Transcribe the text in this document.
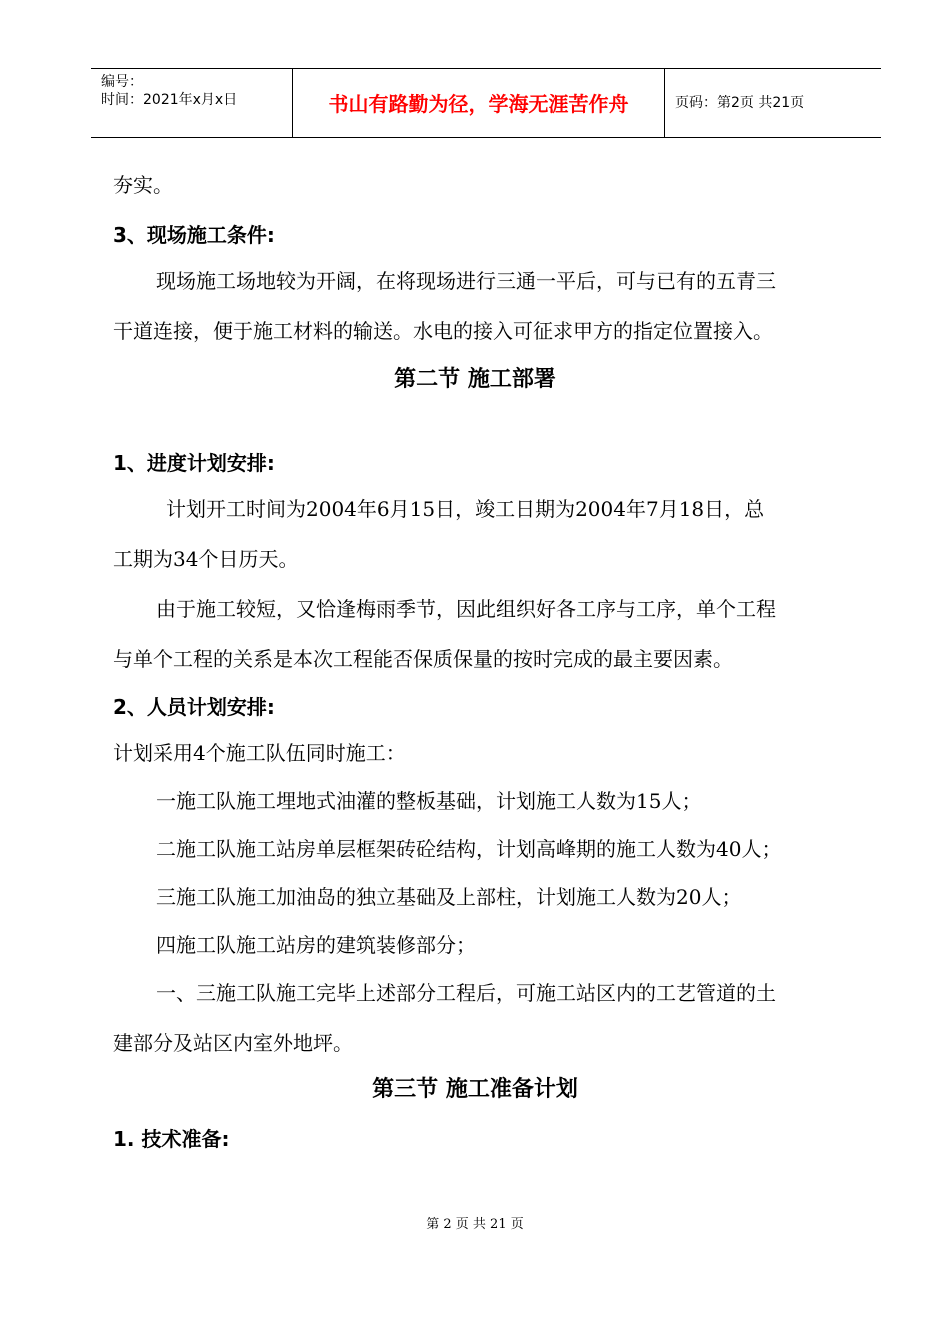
编号：
时间：2021年x月x日	书山有路勤为径，学海无涯苦作舟	页码：第2页 共21页
夯实。
3、现场施工条件:
现场施工场地较为开阔，在将现场进行三通一平后，可与已有的五青三
干道连接，便于施工材料的输送。水电的接入可征求甲方的指定位置接入。
第二节 施工部署
1、进度计划安排:
计划开工时间为2004年6月15日，竣工日期为2004年7月18日，总
工期为34个日历天。
由于施工较短，又恰逢梅雨季节，因此组织好各工序与工序，单个工程
与单个工程的关系是本次工程能否保质保量的按时完成的最主要因素。
2、人员计划安排:
计划采用4个施工队伍同时施工：
一施工队施工埋地式油灌的整板基础，计划施工人数为15人；
二施工队施工站房单层框架砖砼结构，计划高峰期的施工人数为40人；
三施工队施工加油岛的独立基础及上部柱，计划施工人数为20人；
四施工队施工站房的建筑装修部分；
一、三施工队施工完毕上述部分工程后，可施工站区内的工艺管道的土
建部分及站区内室外地坪。
第三节 施工准备计划
1. 技术准备:
第 2 页 共 21 页
